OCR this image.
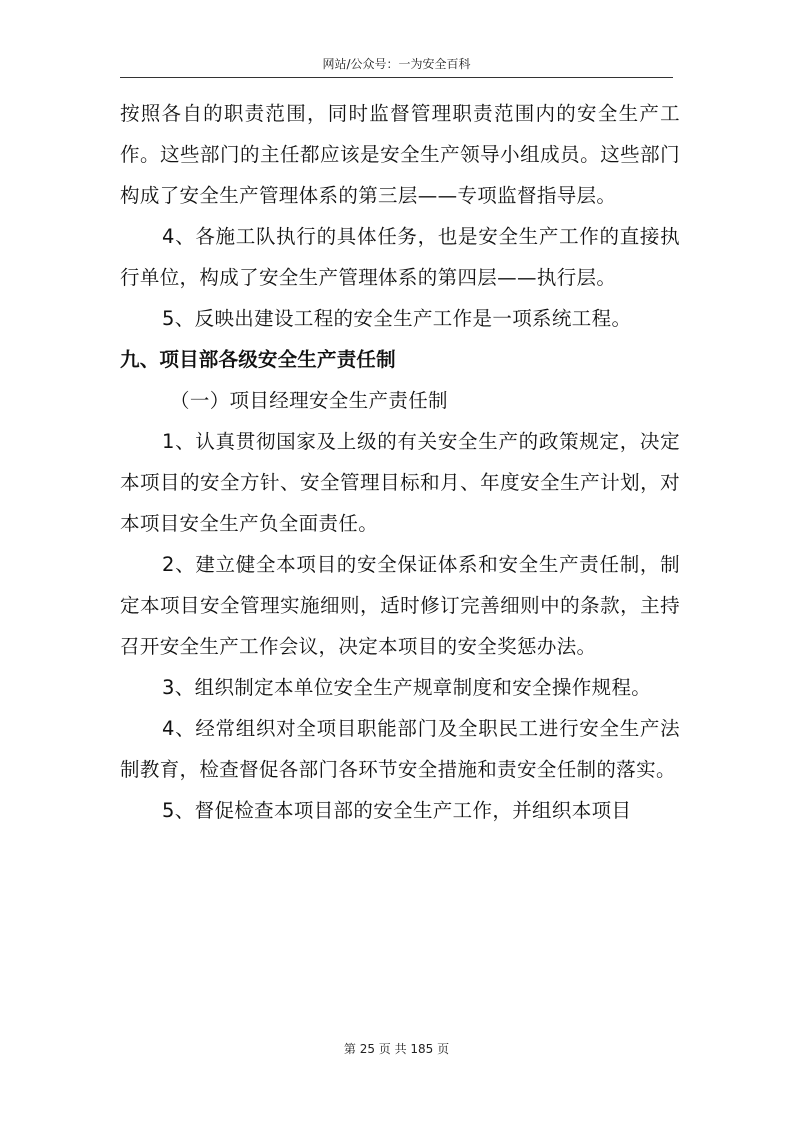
网站/公众号：一为安全百科

按照各自的职责范围，同时监督管理职责范围内的安全生产工作。这些部门的主任都应该是安全生产领导小组成员。这些部门构成了安全生产管理体系的第三层——专项监督指导层。

4、各施工队执行的具体任务，也是安全生产工作的直接执行单位，构成了安全生产管理体系的第四层——执行层。

5、反映出建设工程的安全生产工作是一项系统工程。

九、项目部各级安全生产责任制

（一）项目经理安全生产责任制

1、认真贯彻国家及上级的有关安全生产的政策规定，决定本项目的安全方针、安全管理目标和月、年度安全生产计划，对本项目安全生产负全面责任。

2、建立健全本项目的安全保证体系和安全生产责任制，制定本项目安全管理实施细则，适时修订完善细则中的条款，主持召开安全生产工作会议，决定本项目的安全奖惩办法。

3、组织制定本单位安全生产规章制度和安全操作规程。

4、经常组织对全项目职能部门及全职民工进行安全生产法制教育，检查督促各部门各环节安全措施和责安全任制的落实。

5、督促检查本项目部的安全生产工作，并组织本项目

第 25 页 共 185 页
